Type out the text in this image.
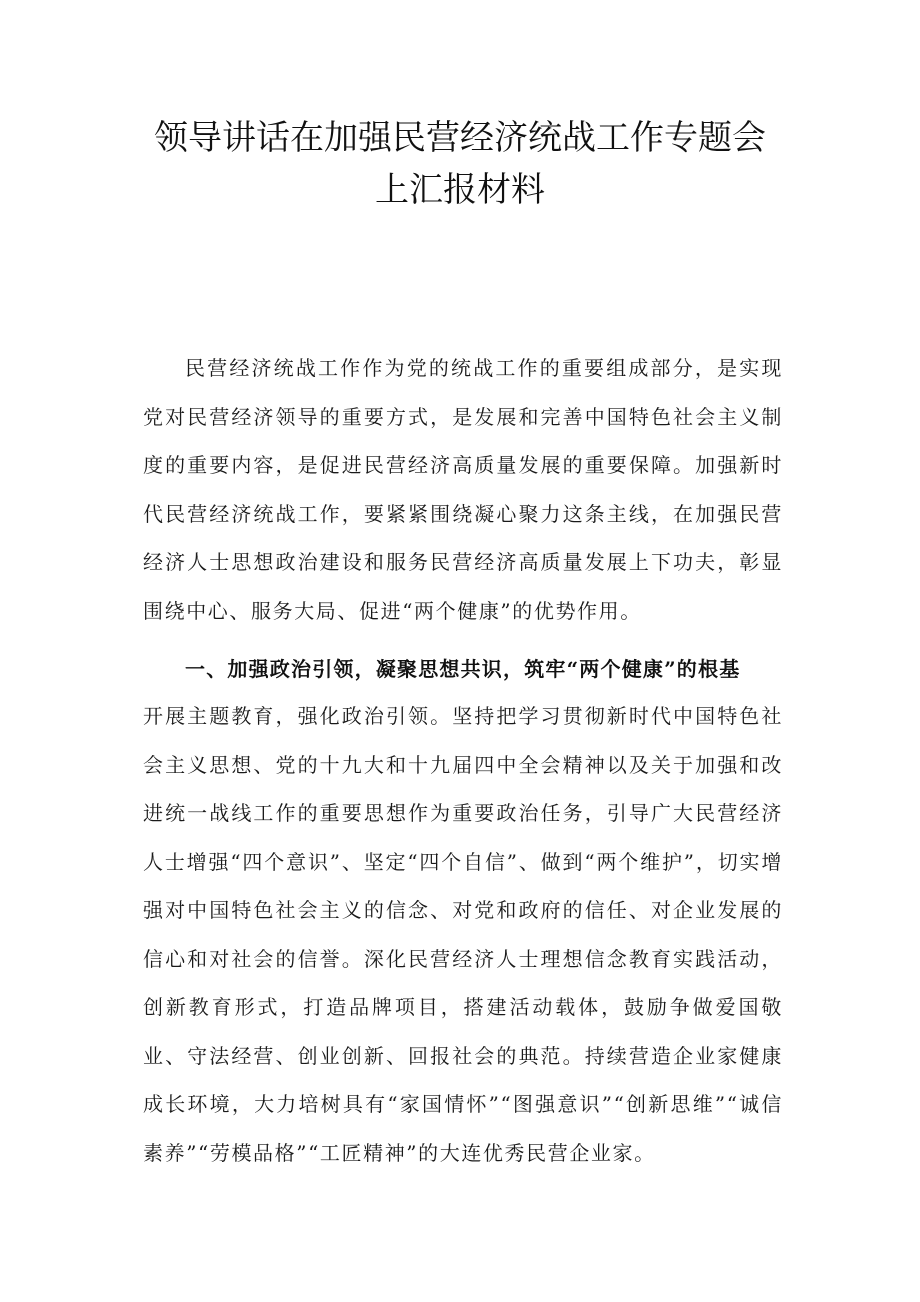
领导讲话在加强民营经济统战工作专题会
上汇报材料

民营经济统战工作作为党的统战工作的重要组成部分，是实现党对民营经济领导的重要方式，是发展和完善中国特色社会主义制度的重要内容，是促进民营经济高质量发展的重要保障。加强新时代民营经济统战工作，要紧紧围绕凝心聚力这条主线，在加强民营经济人士思想政治建设和服务民营经济高质量发展上下功夫，彰显围绕中心、服务大局、促进“两个健康”的优势作用。

一、加强政治引领，凝聚思想共识，筑牢“两个健康”的根基

开展主题教育，强化政治引领。坚持把学习贯彻新时代中国特色社会主义思想、党的十九大和十九届四中全会精神以及关于加强和改进统一战线工作的重要思想作为重要政治任务，引导广大民营经济人士增强“四个意识”、坚定“四个自信”、做到“两个维护”，切实增强对中国特色社会主义的信念、对党和政府的信任、对企业发展的信心和对社会的信誉。深化民营经济人士理想信念教育实践活动，创新教育形式，打造品牌项目，搭建活动载体，鼓励争做爱国敬业、守法经营、创业创新、回报社会的典范。持续营造企业家健康成长环境，大力培树具有“家国情怀”“图强意识”“创新思维”“诚信素养”“劳模品格”“工匠精神”的大连优秀民营企业家。
